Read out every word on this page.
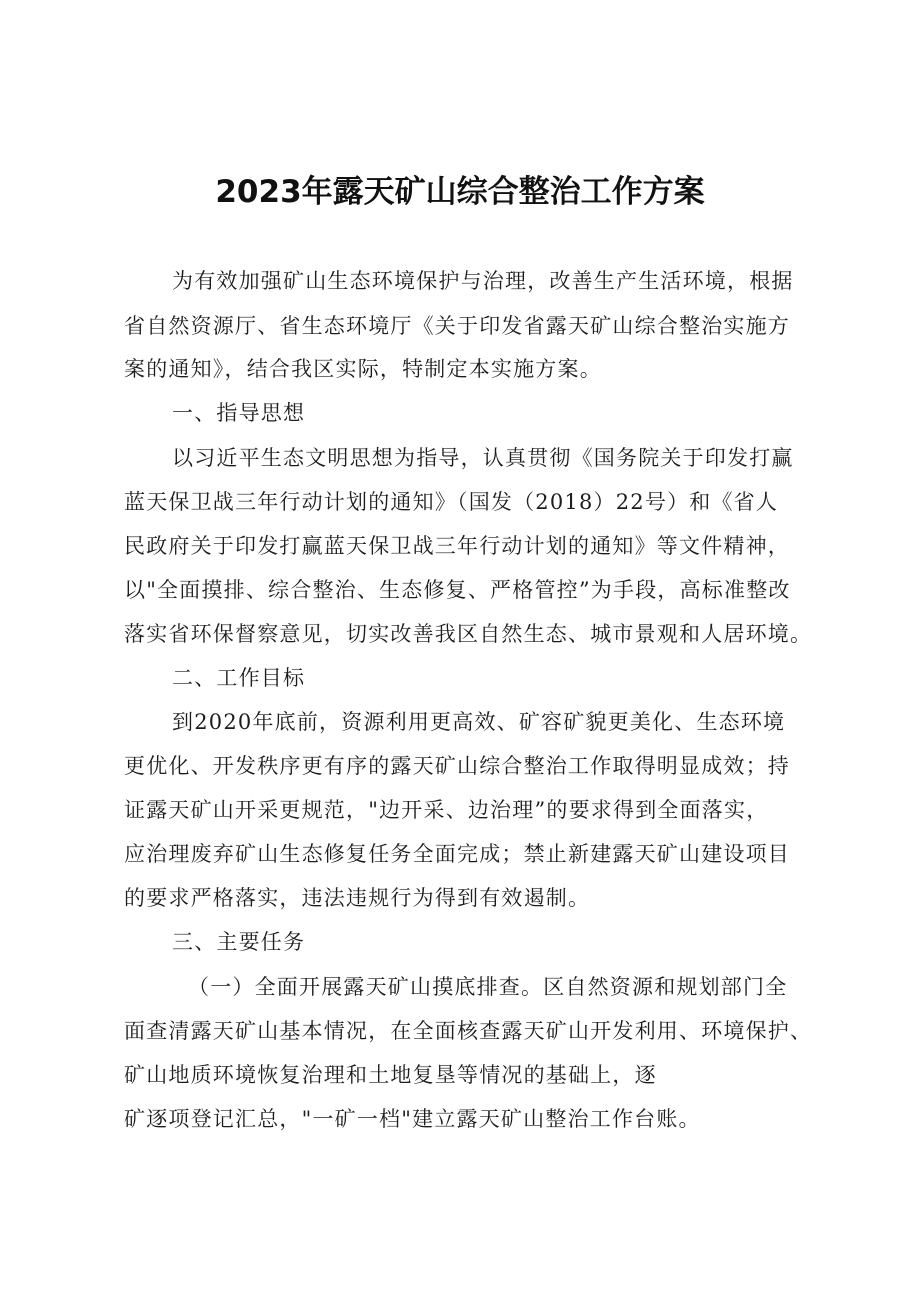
2023年露天矿山综合整治工作方案
为有效加强矿山生态环境保护与治理，改善生产生活环境，根据
省自然资源厅、省生态环境厅《关于印发省露天矿山综合整治实施方
案的通知》，结合我区实际，特制定本实施方案。
一、指导思想
以习近平生态文明思想为指导，认真贯彻《国务院关于印发打赢
蓝天保卫战三年行动计划的通知》（国发（2018）22号）和《省人
民政府关于印发打赢蓝天保卫战三年行动计划的通知》等文件精神，
以"全面摸排、综合整治、生态修复、严格管控”为手段，高标准整改
落实省环保督察意见，切实改善我区自然生态、城市景观和人居环境。
二、工作目标
到2020年底前，资源利用更高效、矿容矿貌更美化、生态环境
更优化、开发秩序更有序的露天矿山综合整治工作取得明显成效；持
证露天矿山开采更规范，"边开采、边治理”的要求得到全面落实，
应治理废弃矿山生态修复任务全面完成；禁止新建露天矿山建设项目
的要求严格落实，违法违规行为得到有效遏制。
三、主要任务
（一）全面开展露天矿山摸底排查。区自然资源和规划部门全
面查清露天矿山基本情况，在全面核查露天矿山开发利用、环境保护、
矿山地质环境恢复治理和土地复垦等情况的基础上，逐
矿逐项登记汇总，"一矿一档"建立露天矿山整治工作台账。
